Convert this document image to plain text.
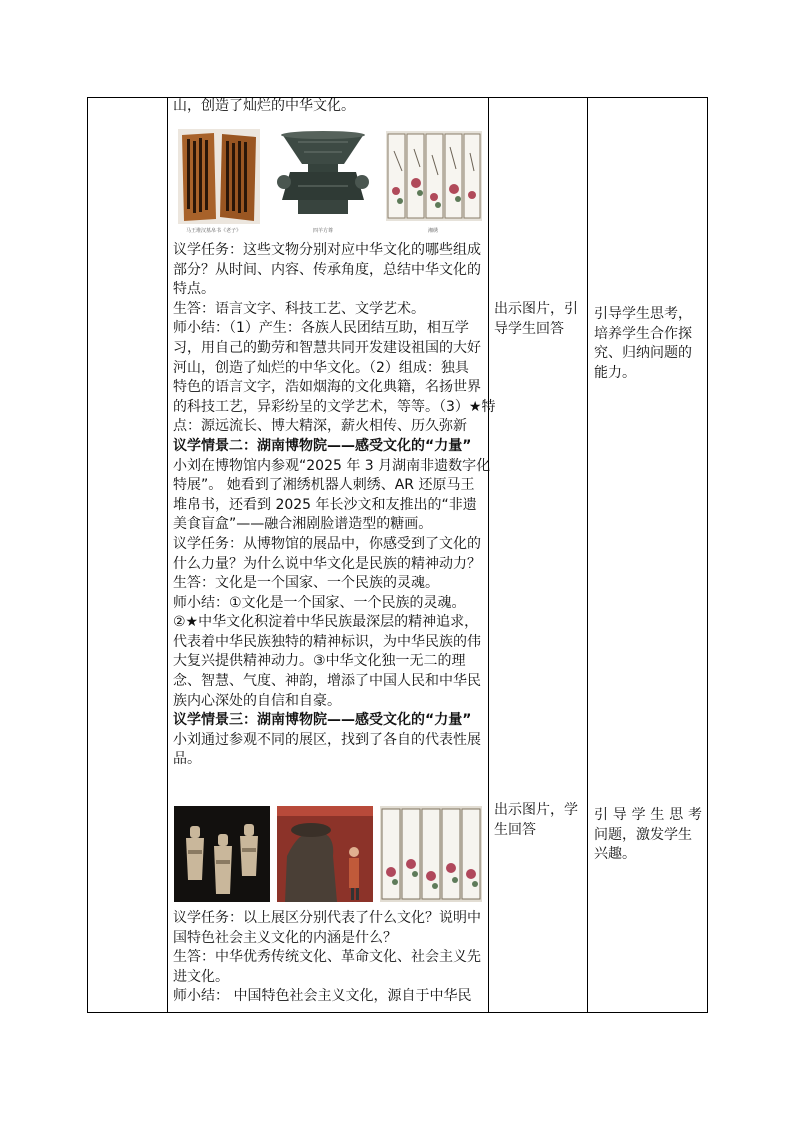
山，创造了灿烂的中华文化。
马王堆汉墓帛书《老子》	四羊方尊	湘绣
议学任务：这些文物分别对应中华文化的哪些组成
部分？从时间、内容、传承角度，总结中华文化的
特点。
生答：语言文字、科技工艺、文学艺术。
师小结：（1）产生：各族人民团结互助，相互学
习，用自己的勤劳和智慧共同开发建设祖国的大好
河山，创造了灿烂的中华文化。（2）组成：独具
特色的语言文字，浩如烟海的文化典籍，名扬世界
的科技工艺，异彩纷呈的文学艺术，等等。（3）★特
点：源远流长、博大精深，薪火相传、历久弥新
议学情景二：湖南博物院——感受文化的“力量”
小刘在博物馆内参观“2025 年 3 月湖南非遗数字化
特展”。 她看到了湘绣机器人刺绣、AR 还原马王
堆帛书，还看到 2025 年长沙文和友推出的“非遗
美食盲盒”——融合湘剧脸谱造型的糖画。
议学任务：从博物馆的展品中，你感受到了文化的
什么力量？为什么说中华文化是民族的精神动力？
生答：文化是一个国家、一个民族的灵魂。
师小结：①文化是一个国家、一个民族的灵魂。
②★中华文化积淀着中华民族最深层的精神追求，
代表着中华民族独特的精神标识，为中华民族的伟
大复兴提供精神动力。③中华文化独一无二的理
念、智慧、气度、神韵，增添了中国人民和中华民
族内心深处的自信和自豪。
议学情景三：湖南博物院——感受文化的“力量”
小刘通过参观不同的展区，找到了各自的代表性展
品。
议学任务：以上展区分别代表了什么文化？说明中
国特色社会主义文化的内涵是什么？
生答：中华优秀传统文化、革命文化、社会主义先
进文化。
师小结： 中国特色社会主义文化，源自于中华民
出示图片，引
导学生回答
出示图片，学
生回答
引导学生思考，
培养学生合作探
究、归纳问题的
能力。
引导学生思考
问题，激发学生
兴趣。
